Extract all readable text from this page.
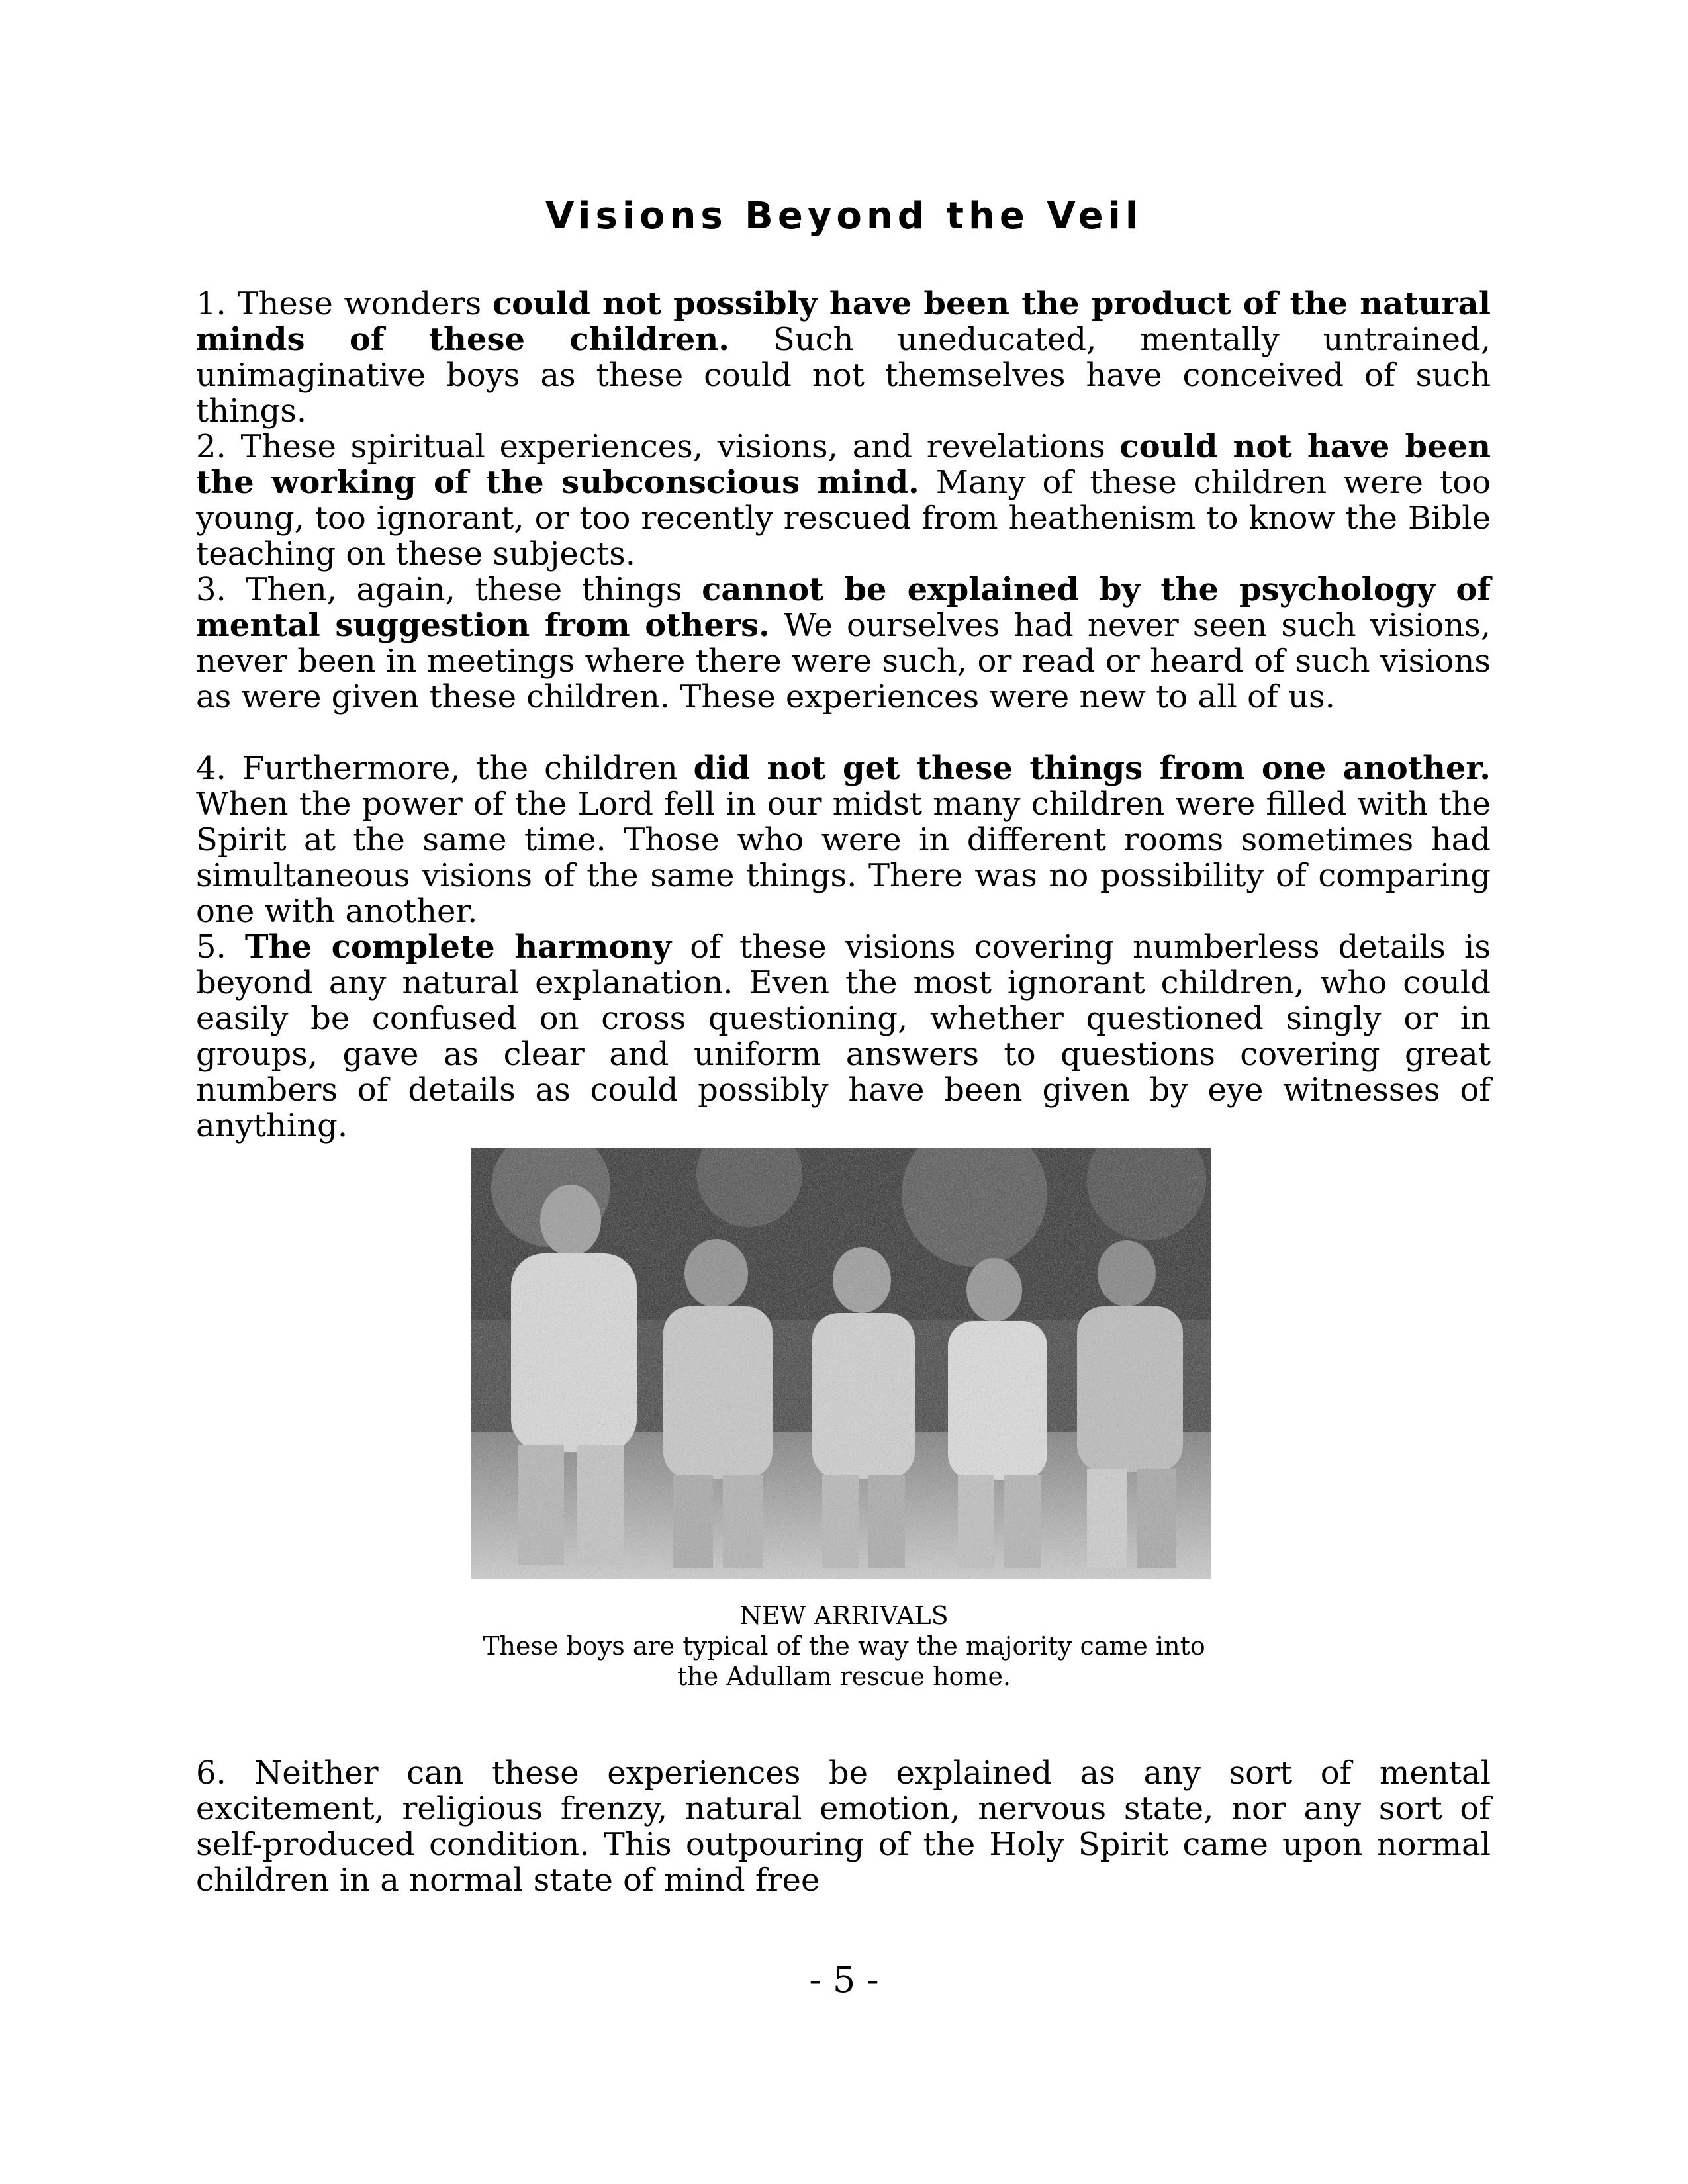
Visions Beyond the Veil
1. These wonders could not possibly have been the product of the natural minds of these children. Such uneducated, mentally untrained, unimaginative boys as these could not themselves have conceived of such things.
2. These spiritual experiences, visions, and revelations could not have been the working of the subconscious mind. Many of these children were too young, too ignorant, or too recently rescued from heathenism to know the Bible teaching on these subjects.
3. Then, again, these things cannot be explained by the psychology of mental suggestion from others. We ourselves had never seen such visions, never been in meetings where there were such, or read or heard of such visions as were given these children. These experiences were new to all of us.
4. Furthermore, the children did not get these things from one another. When the power of the Lord fell in our midst many children were filled with the Spirit at the same time. Those who were in different rooms sometimes had simultaneous visions of the same things. There was no possibility of comparing one with another.
5. The complete harmony of these visions covering numberless details is beyond any natural explanation. Even the most ignorant children, who could easily be confused on cross questioning, whether questioned singly or in groups, gave as clear and uniform answers to questions covering great numbers of details as could possibly have been given by eye witnesses of anything.
NEW ARRIVALS
These boys are typical of the way the majority came into
the Adullam rescue home.
6. Neither can these experiences be explained as any sort of mental excitement, religious frenzy, natural emotion, nervous state, nor any sort of self-produced condition. This outpouring of the Holy Spirit came upon normal children in a normal state of mind free
- 5 -
